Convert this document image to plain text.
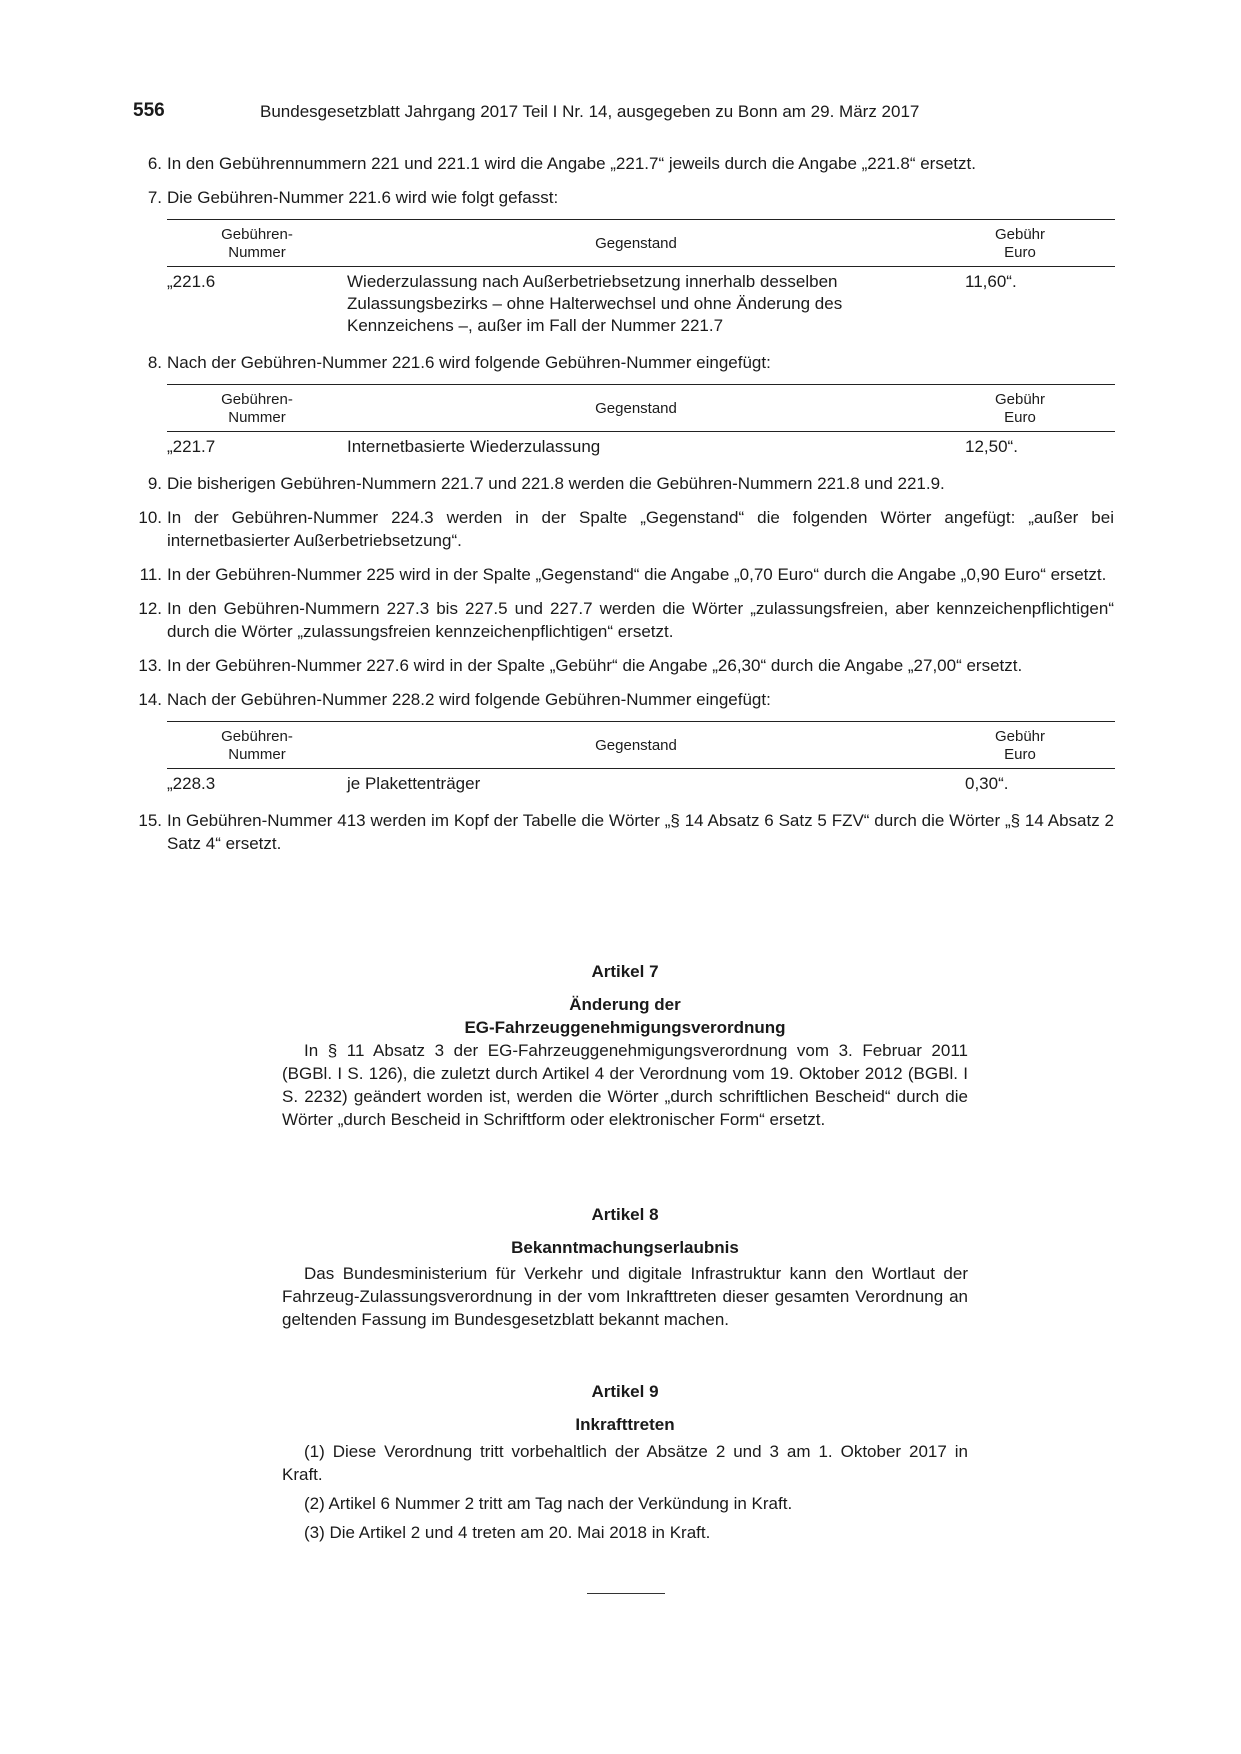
556	Bundesgesetzblatt Jahrgang 2017 Teil I Nr. 14, ausgegeben zu Bonn am 29. März 2017
6. In den Gebührennummern 221 und 221.1 wird die Angabe „221.7“ jeweils durch die Angabe „221.8“ ersetzt.

7. Die Gebühren-Nummer 221.6 wird wie folgt gefasst:

Gebühren-
Nummer	Gegenstand	Gebühr
Euro
„221.6	Wiederzulassung nach Außerbetriebsetzung innerhalb desselben Zulassungsbezirks – ohne Halterwechsel und ohne Änderung des Kennzeichens –, außer im Fall der Nummer 221.7	11,60“.
8. Nach der Gebühren-Nummer 221.6 wird folgende Gebühren-Nummer eingefügt:

Gebühren-
Nummer	Gegenstand	Gebühr
Euro
„221.7	Internetbasierte Wiederzulassung	12,50“.
9. Die bisherigen Gebühren-Nummern 221.7 und 221.8 werden die Gebühren-Nummern 221.8 und 221.9.

10. In der Gebühren-Nummer 224.3 werden in der Spalte „Gegenstand“ die folgenden Wörter angefügt: „außer bei internetbasierter Außerbetriebsetzung“.

11. In der Gebühren-Nummer 225 wird in der Spalte „Gegenstand“ die Angabe „0,70 Euro“ durch die Angabe „0,90 Euro“ ersetzt.

12. In den Gebühren-Nummern 227.3 bis 227.5 und 227.7 werden die Wörter „zulassungsfreien, aber kennzeichenpflichtigen“ durch die Wörter „zulassungsfreien kennzeichenpflichtigen“ ersetzt.

13. In der Gebühren-Nummer 227.6 wird in der Spalte „Gebühr“ die Angabe „26,30“ durch die Angabe „27,00“ ersetzt.

14. Nach der Gebühren-Nummer 228.2 wird folgende Gebühren-Nummer eingefügt:

Gebühren-
Nummer	Gegenstand	Gebühr
Euro
„228.3	je Plakettenträger	0,30“.
15. In Gebühren-Nummer 413 werden im Kopf der Tabelle die Wörter „§ 14 Absatz 6 Satz 5 FZV“ durch die Wörter „§ 14 Absatz 2 Satz 4“ ersetzt.

Artikel 7
Änderung der
EG-Fahrzeuggenehmigungsverordnung

In § 11 Absatz 3 der EG-Fahrzeuggenehmigungsverordnung vom 3. Februar 2011 (BGBl. I S. 126), die zuletzt durch Artikel 4 der Verordnung vom 19. Oktober 2012 (BGBl. I S. 2232) geändert worden ist, werden die Wörter „durch schriftlichen Bescheid“ durch die Wörter „durch Bescheid in Schriftform oder elektronischer Form“ ersetzt.

Artikel 8
Bekanntmachungserlaubnis

Das Bundesministerium für Verkehr und digitale Infrastruktur kann den Wortlaut der Fahrzeug-Zulassungsverordnung in der vom Inkrafttreten dieser gesamten Verordnung an geltenden Fassung im Bundesgesetzblatt bekannt machen.

Artikel 9
Inkrafttreten

(1) Diese Verordnung tritt vorbehaltlich der Absätze 2 und 3 am 1. Oktober 2017 in Kraft.

(2) Artikel 6 Nummer 2 tritt am Tag nach der Verkündung in Kraft.

(3) Die Artikel 2 und 4 treten am 20. Mai 2018 in Kraft.
